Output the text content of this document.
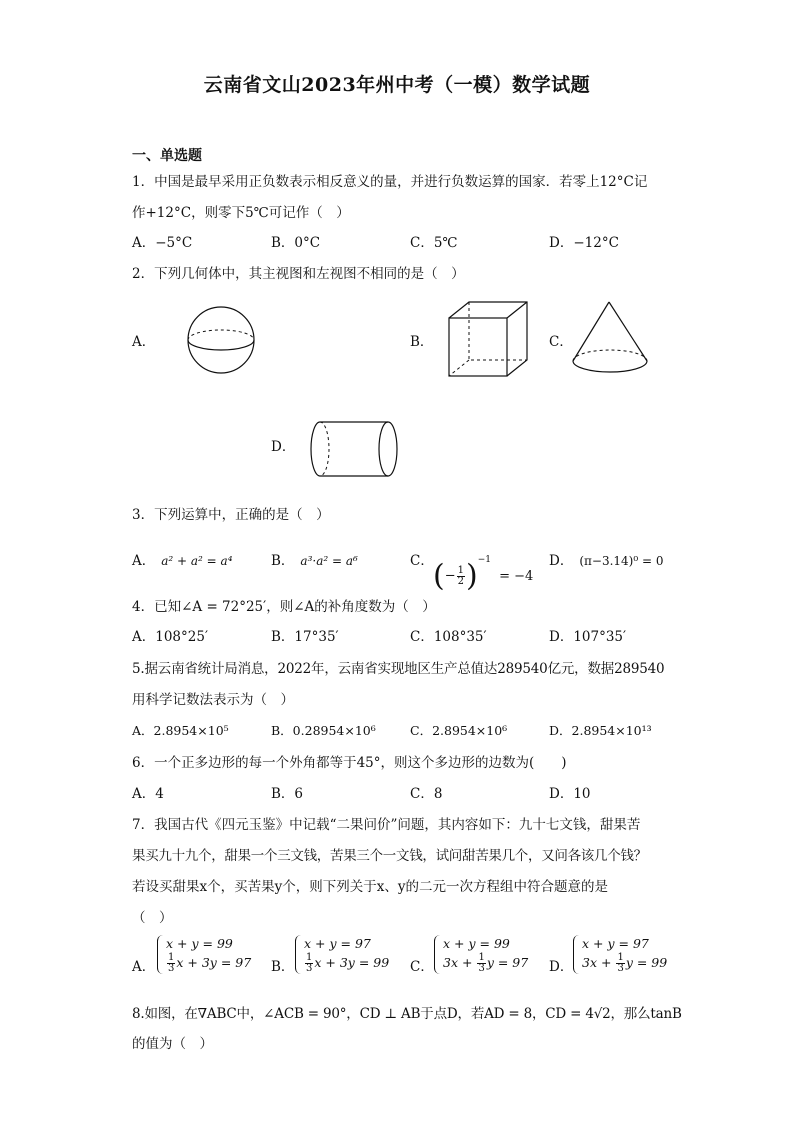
云南省文山2023年州中考（一模）数学试题
一、单选题
1．中国是最早采用正负数表示相反意义的量，并进行负数运算的国家．若零上12°C记
作+12°C，则零下5℃可记作（　）
A．−5°C	B．0°C	C．5℃	D．−12°C
2．下列几何体中，其主视图和左视图不相同的是（　）
A．	B．	C．
D．
3．下列运算中，正确的是（　）
A． a² + a² = a⁴	B． a³·a² = a⁶	C． (− $\frac{1}{2} )^{-1} = -4$
D． (π−3.14)⁰ = 0
4．已知∠A = 72°25′，则∠A的补角度数为（　）
A．108°25′	B．17°35′	C．108°35′	D．107°35′
5.据云南省统计局消息，2022年，云南省实现地区生产总值达289540亿元，数据289540
用科学记数法表示为（　）
A．2.8954×10⁵	B．0.28954×10⁶	C．2.8954×10⁶	D．2.8954×10¹³
6．一个正多边形的每一个外角都等于45°，则这个多边形的边数为(　　)
A．4	B．6	C．8	D．10
7．我国古代《四元玉鉴》中记载“二果问价”问题，其内容如下：九十七文钱，甜果苦
果买九十九个，甜果一个三文钱，苦果三个一文钱，试问甜苦果几个，又问各该几个钱？
若设买甜果x个，买苦果y个，则下列关于x、y的二元一次方程组中符合题意的是
（　）
A．
x + y = 99
$\frac{1}{3}$ x + 3y = 97 B．
x + y = 97
$\frac{1}{3}$ x + 3y = 99 C．
x + y = 99
$3x + \frac{1}{3}$ y = 97 D．
x + y = 97
$3x + \frac{1}{3}$ y = 99
8.如图，在∇ABC中，∠ACB = 90°，CD ⊥ AB于点D，若AD = 8，CD = 4√2，那么tanB
的值为（　）
